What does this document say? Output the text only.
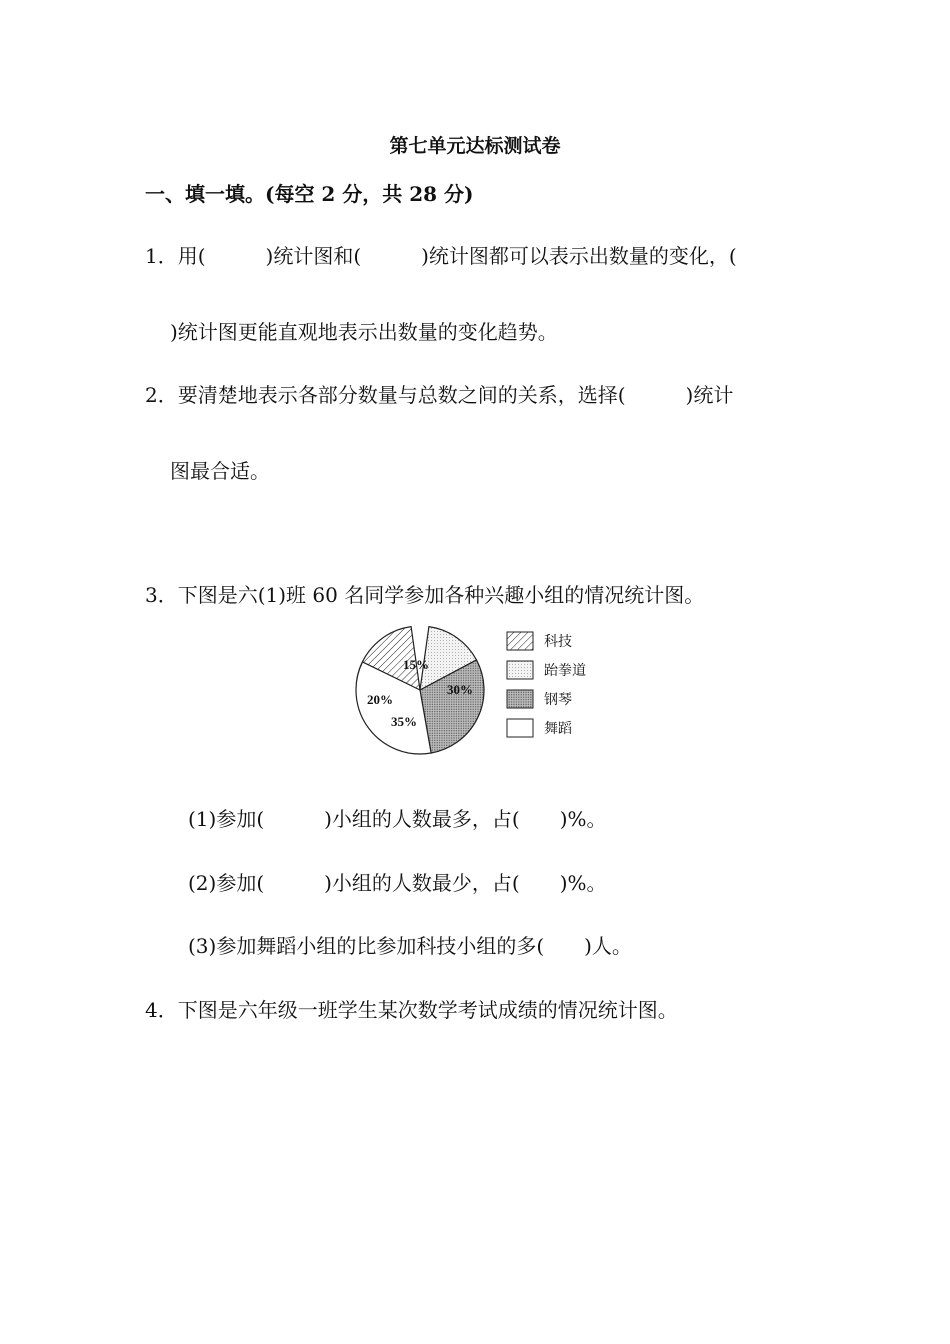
第七单元达标测试卷
一、填一填。(每空 2 分，共 28 分)
1．用(　　　)统计图和(　　　)统计图都可以表示出数量的变化，(
)统计图更能直观地表示出数量的变化趋势。
2．要清楚地表示各部分数量与总数之间的关系，选择(　　　)统计
图最合适。
3．下图是六(1)班 60 名同学参加各种兴趣小组的情况统计图。
20%
15%
30%
35%
科技
跆拳道
钢琴
舞蹈
(1)参加(　　　)小组的人数最多，占(　　)%。
(2)参加(　　　)小组的人数最少，占(　　)%。
(3)参加舞蹈小组的比参加科技小组的多(　　)人。
4．下图是六年级一班学生某次数学考试成绩的情况统计图。
